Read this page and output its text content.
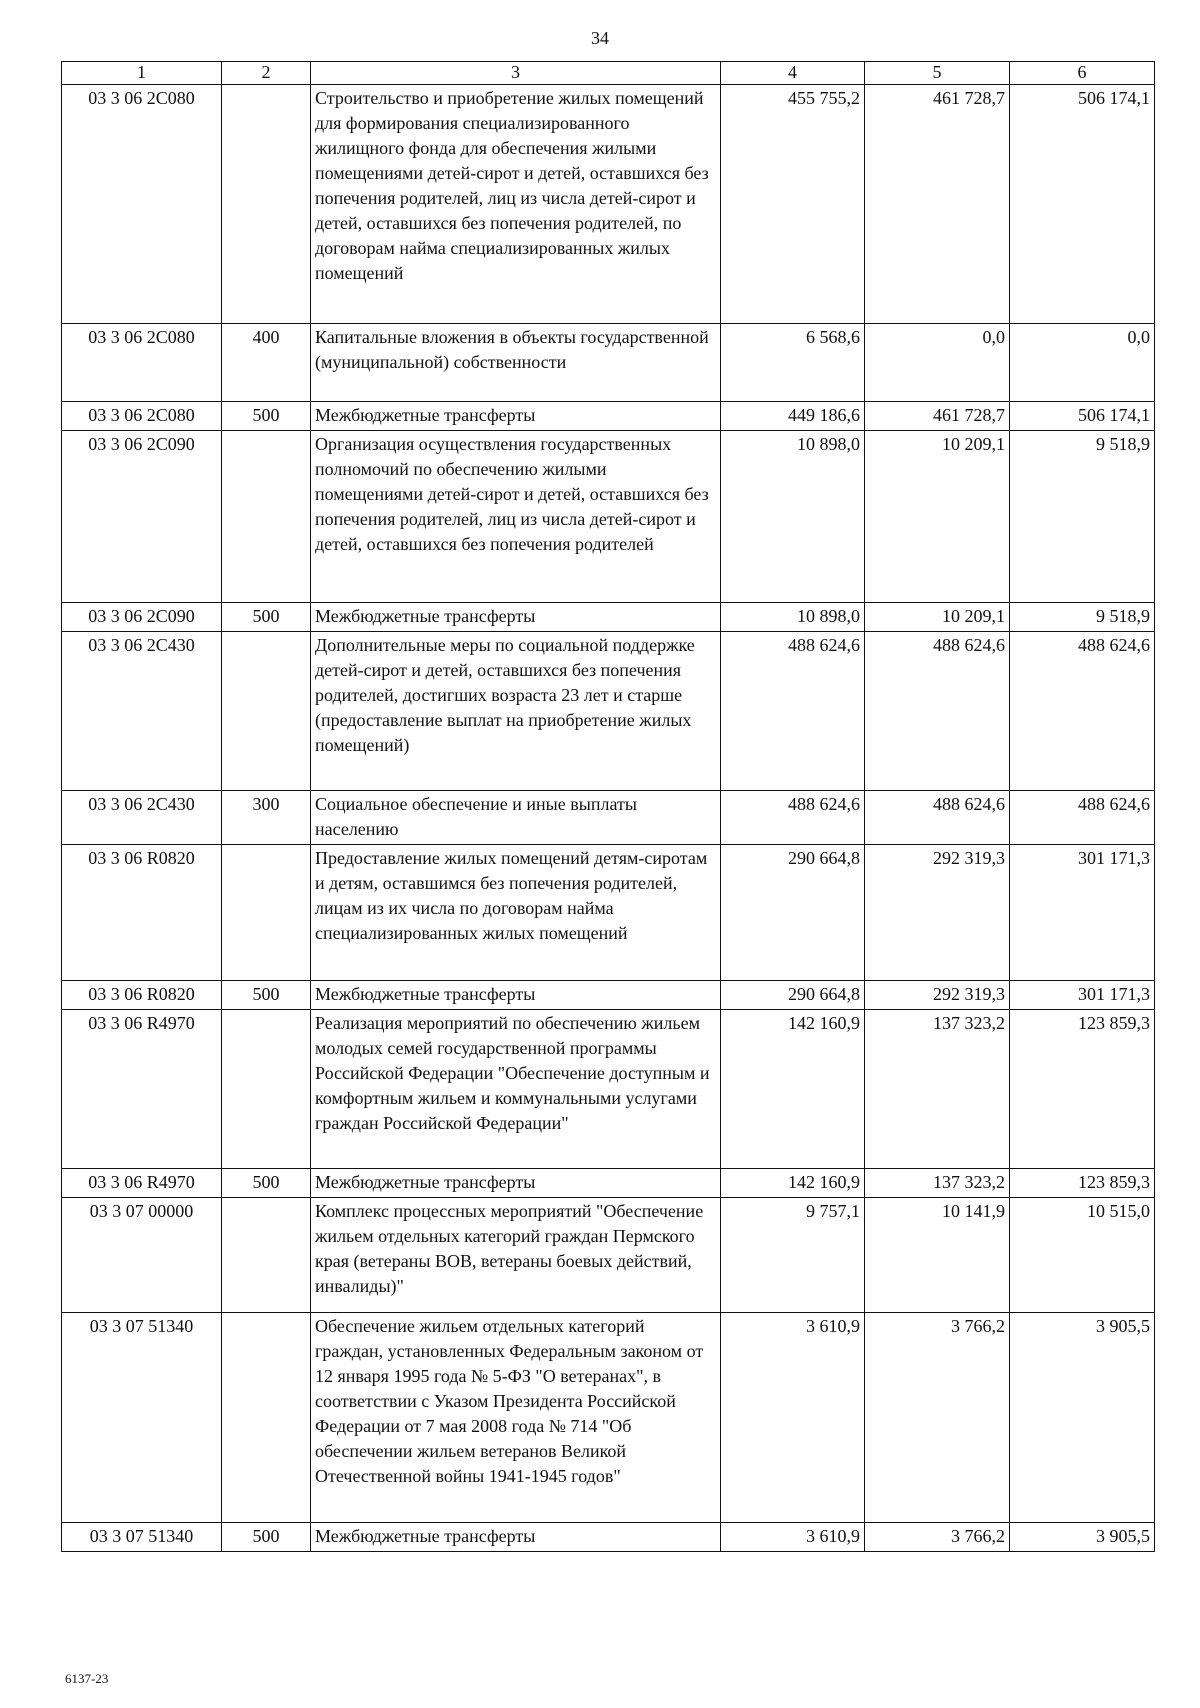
34
1	2	3	4	5	6
03 3 06 2C080		Строительство и приобретение жилых помещений для формирования специализированного жилищного фонда для обеспечения жилыми помещениями детей-сирот и детей, оставшихся без попечения родителей, лиц из числа детей-сирот и детей, оставшихся без попечения родителей, по договорам найма специализированных жилых помещений	455 755,2	461 728,7	506 174,1
03 3 06 2C080	400	Капитальные вложения в объекты государственной (муниципальной) собственности	6 568,6	0,0	0,0
03 3 06 2C080	500	Межбюджетные трансферты	449 186,6	461 728,7	506 174,1
03 3 06 2C090		Организация осуществления государственных полномочий по обеспечению жилыми помещениями детей-сирот и детей, оставшихся без попечения родителей, лиц из числа детей-сирот и детей, оставшихся без попечения родителей	10 898,0	10 209,1	9 518,9
03 3 06 2C090	500	Межбюджетные трансферты	10 898,0	10 209,1	9 518,9
03 3 06 2C430		Дополнительные меры по социальной поддержке детей-сирот и детей, оставшихся без попечения родителей, достигших возраста 23 лет и старше (предоставление выплат на приобретение жилых помещений)	488 624,6	488 624,6	488 624,6
03 3 06 2C430	300	Социальное обеспечение и иные выплаты населению	488 624,6	488 624,6	488 624,6
03 3 06 R0820		Предоставление жилых помещений детям-сиротам и детям, оставшимся без попечения родителей, лицам из их числа по договорам найма специализированных жилых помещений	290 664,8	292 319,3	301 171,3
03 3 06 R0820	500	Межбюджетные трансферты	290 664,8	292 319,3	301 171,3
03 3 06 R4970		Реализация мероприятий по обеспечению жильем молодых семей государственной программы Российской Федерации "Обеспечение доступным и комфортным жильем и коммунальными услугами граждан Российской Федерации"	142 160,9	137 323,2	123 859,3
03 3 06 R4970	500	Межбюджетные трансферты	142 160,9	137 323,2	123 859,3
03 3 07 00000		Комплекс процессных мероприятий "Обеспечение жильем отдельных категорий граждан Пермского края (ветераны ВОВ, ветераны боевых действий, инвалиды)"	9 757,1	10 141,9	10 515,0
03 3 07 51340		Обеспечение жильем отдельных категорий граждан, установленных Федеральным законом от 12 января 1995 года № 5-ФЗ "О ветеранах", в соответствии с Указом Президента Российской Федерации от 7 мая 2008 года № 714 "Об обеспечении жильем ветеранов Великой Отечественной войны 1941-1945 годов"	3 610,9	3 766,2	3 905,5
03 3 07 51340	500	Межбюджетные трансферты	3 610,9	3 766,2	3 905,5
6137-23
